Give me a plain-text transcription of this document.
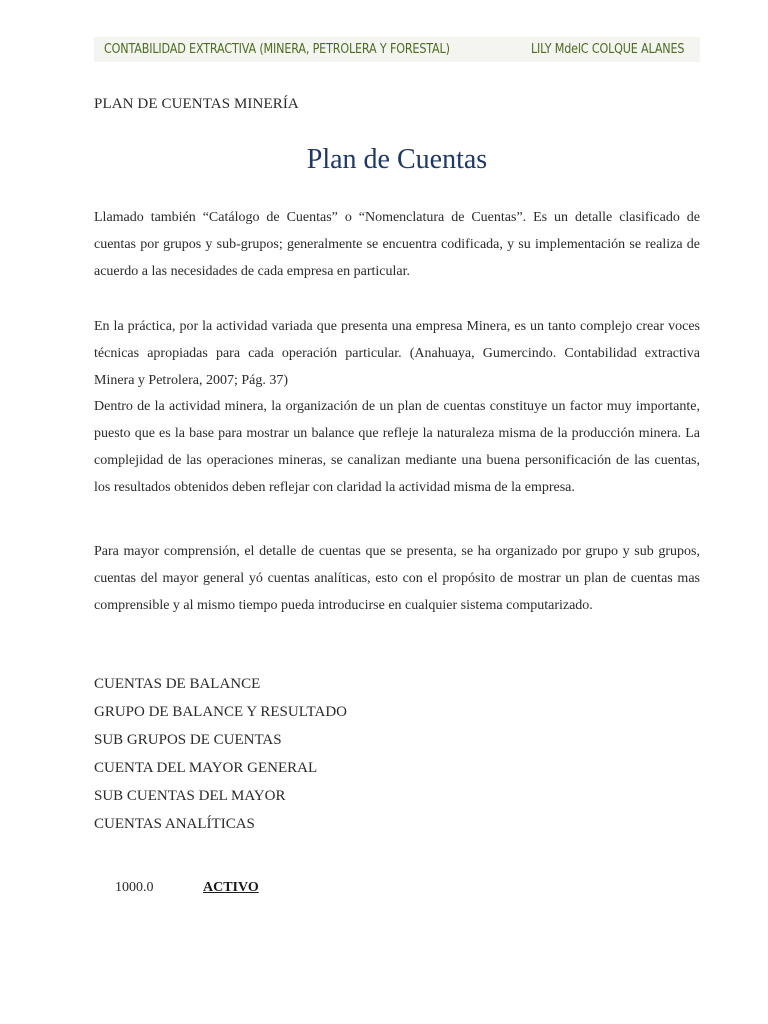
CONTABILIDAD EXTRACTIVA (MINERA, PETROLERA Y FORESTAL)	LILY MdelC COLQUE ALANES
PLAN DE CUENTAS MINERÍA
Plan de Cuentas

Llamado también “Catálogo de Cuentas” o “Nomenclatura de Cuentas”. Es un detalle clasificado de cuentas por grupos y sub-grupos; generalmente se encuentra codificada, y su implementación se realiza de acuerdo a las necesidades de cada empresa en particular.

En la práctica, por la actividad variada que presenta una empresa Minera, es un tanto complejo crear voces técnicas apropiadas para cada operación particular. (Anahuaya, Gumercindo. Contabilidad extractiva Minera y Petrolera, 2007; Pág. 37)

Dentro de la actividad minera, la organización de un plan de cuentas constituye un factor muy importante, puesto que es la base para mostrar un balance que refleje la naturaleza misma de la producción minera. La complejidad de las operaciones mineras, se canalizan mediante una buena personificación de las cuentas, los resultados obtenidos deben reflejar con claridad la actividad misma de la empresa.

Para mayor comprensión, el detalle de cuentas que se presenta, se ha organizado por grupo y sub grupos, cuentas del mayor general yó cuentas analíticas, esto con el propósito de mostrar un plan de cuentas mas comprensible y al mismo tiempo pueda introducirse en cualquier sistema computarizado.

CUENTAS DE BALANCE
GRUPO DE BALANCE Y RESULTADO
SUB GRUPOS DE CUENTAS
CUENTA DEL MAYOR GENERAL
SUB CUENTAS DEL MAYOR
CUENTAS ANALÍTICAS
1000.0	ACTIVO
